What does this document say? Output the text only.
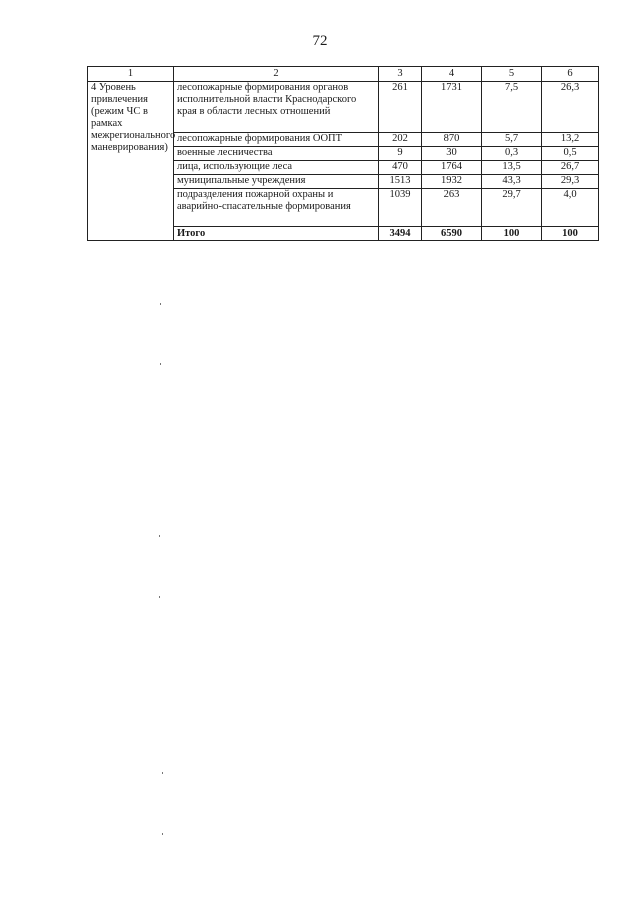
72
1	2	3	4	5	6
4 Уровень привлечения (режим ЧС в рамках межрегионального маневрирования)	лесопожарные формирования органов исполнительной власти Краснодарского края в области лесных отношений	261	1731	7,5	26,3
	лесопожарные формирования ООПТ	202	870	5,7	13,2
	военные лесничества	9	30	0,3	0,5
	лица, использующие леса	470	1764	13,5	26,7
	муниципальные учреждения	1513	1932	43,3	29,3
	подразделения пожарной охраны и аварийно-спасательные формирования	1039	263	29,7	4,0
	Итого	3494	6590	100	100
